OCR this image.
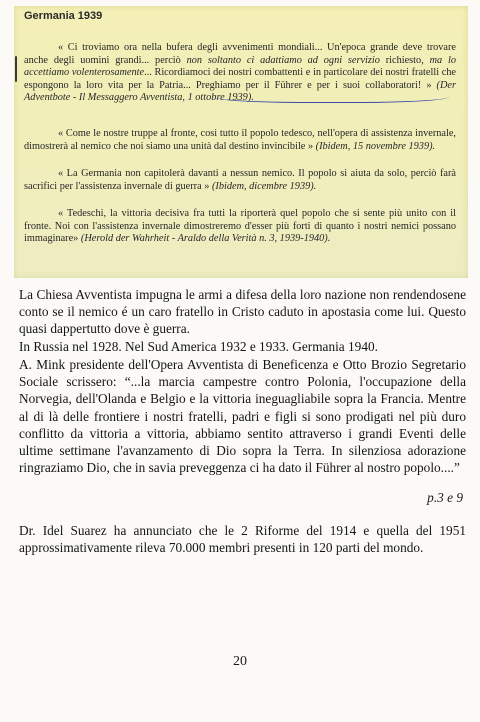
Germania 1939
« Ci troviamo ora nella bufera degli avvenimenti mondiali... Un'epoca grande deve trovare anche degli uomini grandi... perciò non soltanto ci adattiamo ad ogni servizio richiesto, ma lo accettiamo volenterosamente... Ricordiamoci dei nostri combattenti e in particolare dei nostri fratelli che espongono la loro vita per la Patria... Preghiamo per il Führer e per i suoi collaboratori! » (Der Adventbote - Il Messaggero Avventista, 1 ottobre 1939).
« Come le nostre truppe al fronte, così tutto il popolo tedesco, nell'opera di assistenza invernale, dimostrerà al nemico che noi siamo una unità dal destino invincibile » (Ibidem, 15 novembre 1939).
« La Germania non capitolerà davanti a nessun nemico. Il popolo si aiuta da solo, perciò farà sacrifici per l'assistenza invernale di guerra » (Ibidem, dicembre 1939).
« Tedeschi, la vittoria decisiva fra tutti la riporterà quel popolo che si sente più unito con il fronte. Noi con l'assistenza invernale dimostreremo d'esser più forti di quanto i nostri nemici possano immaginare» (Herold der Wahrheit - Araldo della Verità n. 3, 1939-1940).
La Chiesa Avventista impugna le armi a difesa della loro nazione non rendendosene conto se il nemico é un caro fratello in Cristo caduto in apostasia come lui. Questo quasi dappertutto dove è guerra.
In Russia nel 1928. Nel Sud America 1932 e 1933. Germania 1940.
A. Mink presidente dell'Opera Avventista di Beneficenza e Otto Brozio Segretario Sociale scrissero: “...la marcia campestre contro Polonia, l'occupazione della Norvegia, dell'Olanda e Belgio e la vittoria ineguagliabile sopra la Francia. Mentre al di là delle frontiere i nostri fratelli, padri e figli si sono prodigati nel più duro conflitto da vittoria a vittoria, abbiamo sentito attraverso i grandi Eventi delle ultime settimane l'avanzamento di Dio sopra la Terra. In silenziosa adorazione ringraziamo Dio, che in savia preveggenza ci ha dato il Führer al nostro popolo....”
p.3 e 9
Dr. Idel Suarez ha annunciato che le 2 Riforme del 1914 e quella del 1951 approssimativamente rileva 70.000 membri presenti in 120 parti del mondo.
20
